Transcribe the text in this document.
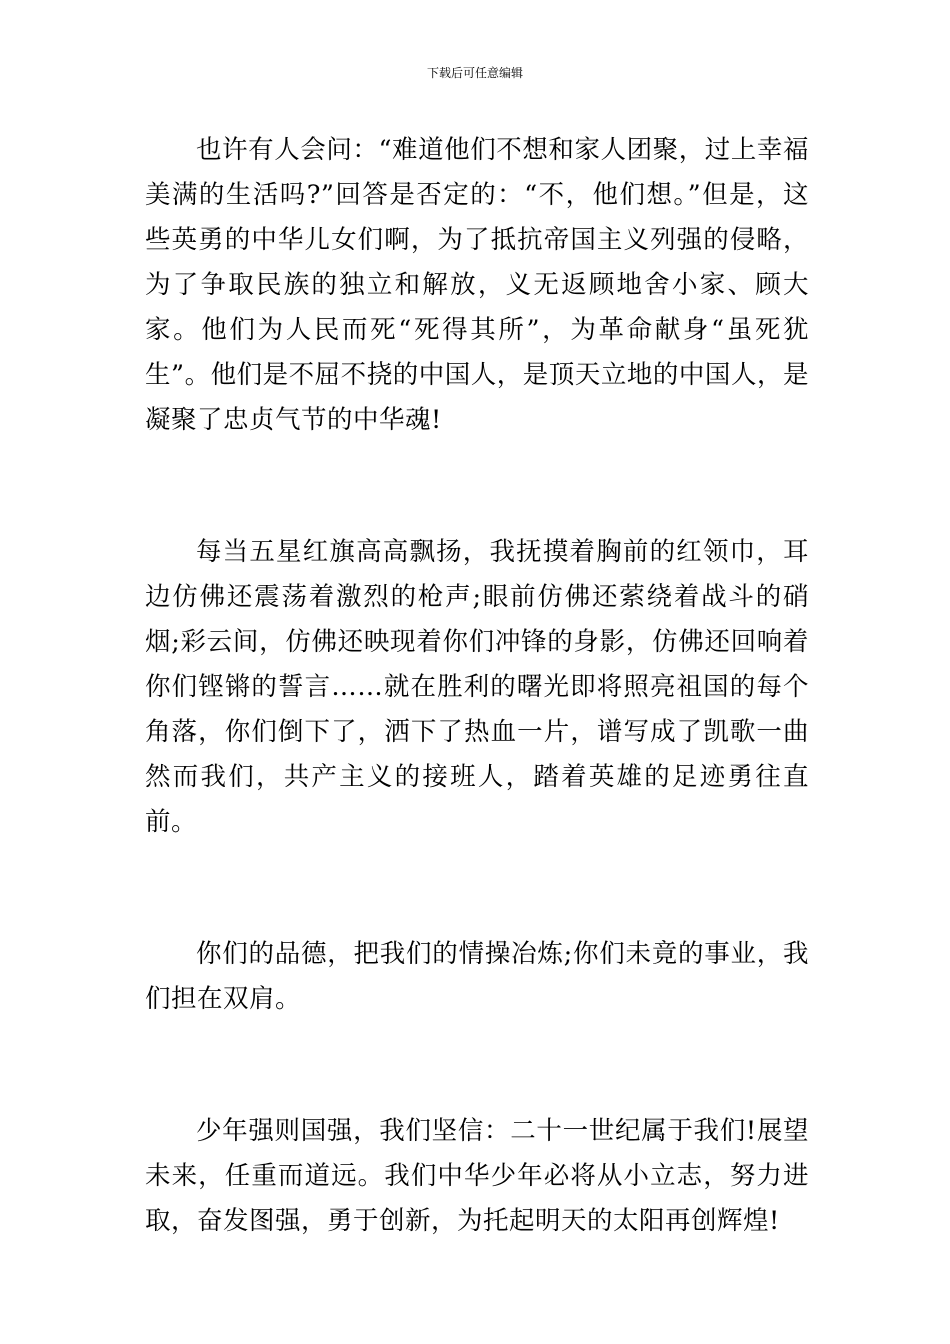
下载后可任意编辑

也许有人会问：“难道他们不想和家人团聚，过上幸福美满的生活吗?”回答是否定的：“不，他们想。”但是，这些英勇的中华儿女们啊，为了抵抗帝国主义列强的侵略，为了争取民族的独立和解放，义无返顾地舍小家、顾大家。他们为人民而死“死得其所”，为革命献身“虽死犹生”。他们是不屈不挠的中国人，是顶天立地的中国人，是凝聚了忠贞气节的中华魂!

每当五星红旗高高飘扬，我抚摸着胸前的红领巾，耳边仿佛还震荡着激烈的枪声;眼前仿佛还萦绕着战斗的硝烟;彩云间，仿佛还映现着你们冲锋的身影，仿佛还回响着你们铿锵的誓言……就在胜利的曙光即将照亮祖国的每个角落，你们倒下了，洒下了热血一片，谱写成了凯歌一曲然而我们，共产主义的接班人，踏着英雄的足迹勇往直前。

你们的品德，把我们的情操冶炼;你们未竟的事业，我们担在双肩。

少年强则国强，我们坚信：二十一世纪属于我们!展望未来，任重而道远。我们中华少年必将从小立志，努力进取，奋发图强，勇于创新，为托起明天的太阳再创辉煌!
